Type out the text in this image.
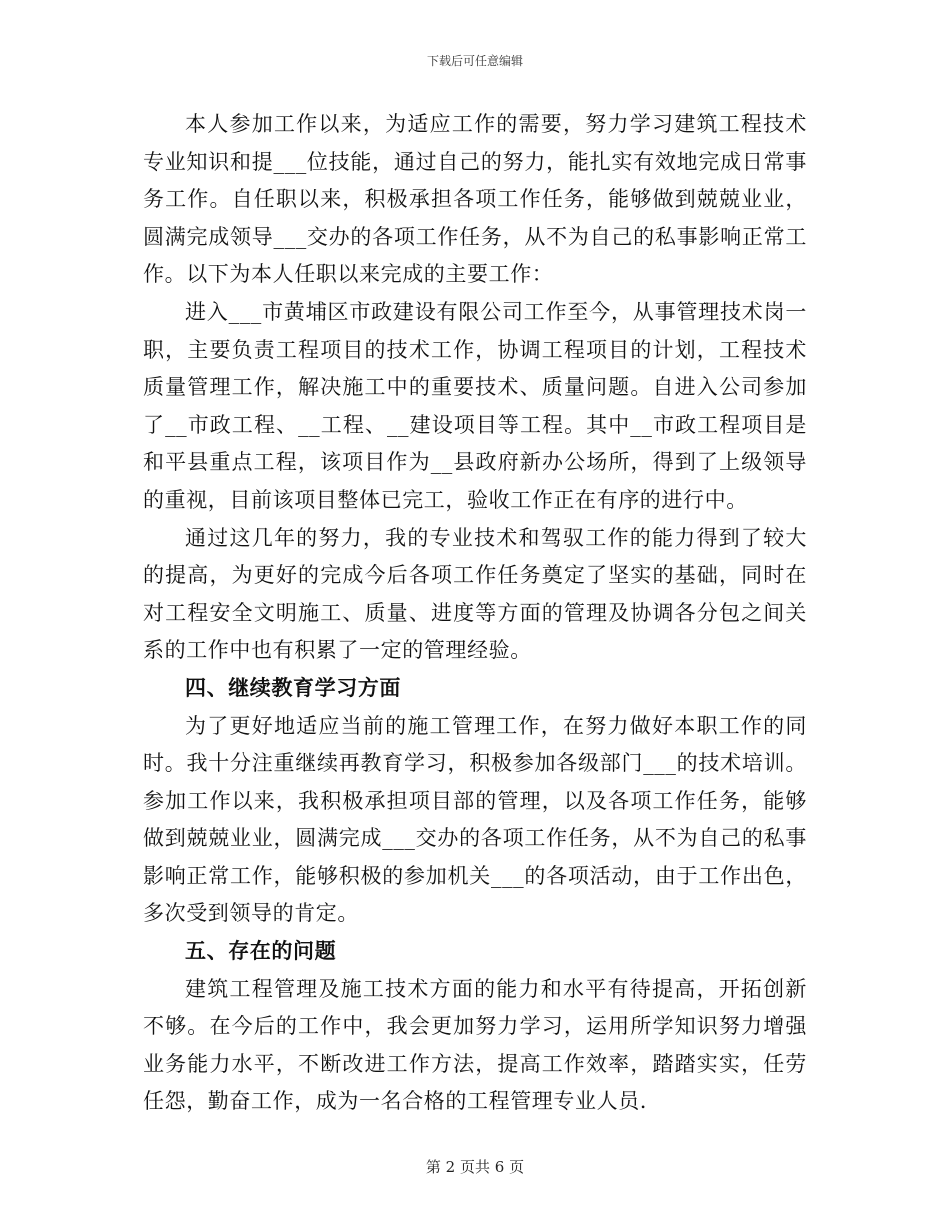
下载后可任意编辑

本人参加工作以来，为适应工作的需要，努力学习建筑工程技术专业知识和提___位技能，通过自己的努力，能扎实有效地完成日常事务工作。自任职以来，积极承担各项工作任务，能够做到兢兢业业，圆满完成领导___交办的各项工作任务，从不为自己的私事影响正常工作。以下为本人任职以来完成的主要工作：

进入___市黄埔区市政建设有限公司工作至今，从事管理技术岗一职，主要负责工程项目的技术工作，协调工程项目的计划，工程技术质量管理工作，解决施工中的重要技术、质量问题。自进入公司参加了__市政工程、__工程、__建设项目等工程。其中__市政工程项目是和平县重点工程，该项目作为__县政府新办公场所，得到了上级领导的重视，目前该项目整体已完工，验收工作正在有序的进行中。

通过这几年的努力，我的专业技术和驾驭工作的能力得到了较大的提高，为更好的完成今后各项工作任务奠定了坚实的基础，同时在对工程安全文明施工、质量、进度等方面的管理及协调各分包之间关系的工作中也有积累了一定的管理经验。

四、继续教育学习方面

为了更好地适应当前的施工管理工作，在努力做好本职工作的同时。我十分注重继续再教育学习，积极参加各级部门___的技术培训。参加工作以来，我积极承担项目部的管理，以及各项工作任务，能够做到兢兢业业，圆满完成___交办的各项工作任务，从不为自己的私事影响正常工作，能够积极的参加机关___的各项活动，由于工作出色，多次受到领导的肯定。

五、存在的问题

建筑工程管理及施工技术方面的能力和水平有待提高，开拓创新不够。在今后的工作中，我会更加努力学习，运用所学知识努力增强业务能力水平，不断改进工作方法，提高工作效率，踏踏实实，任劳任怨，勤奋工作，成为一名合格的工程管理专业人员.

第 2 页共 6 页
